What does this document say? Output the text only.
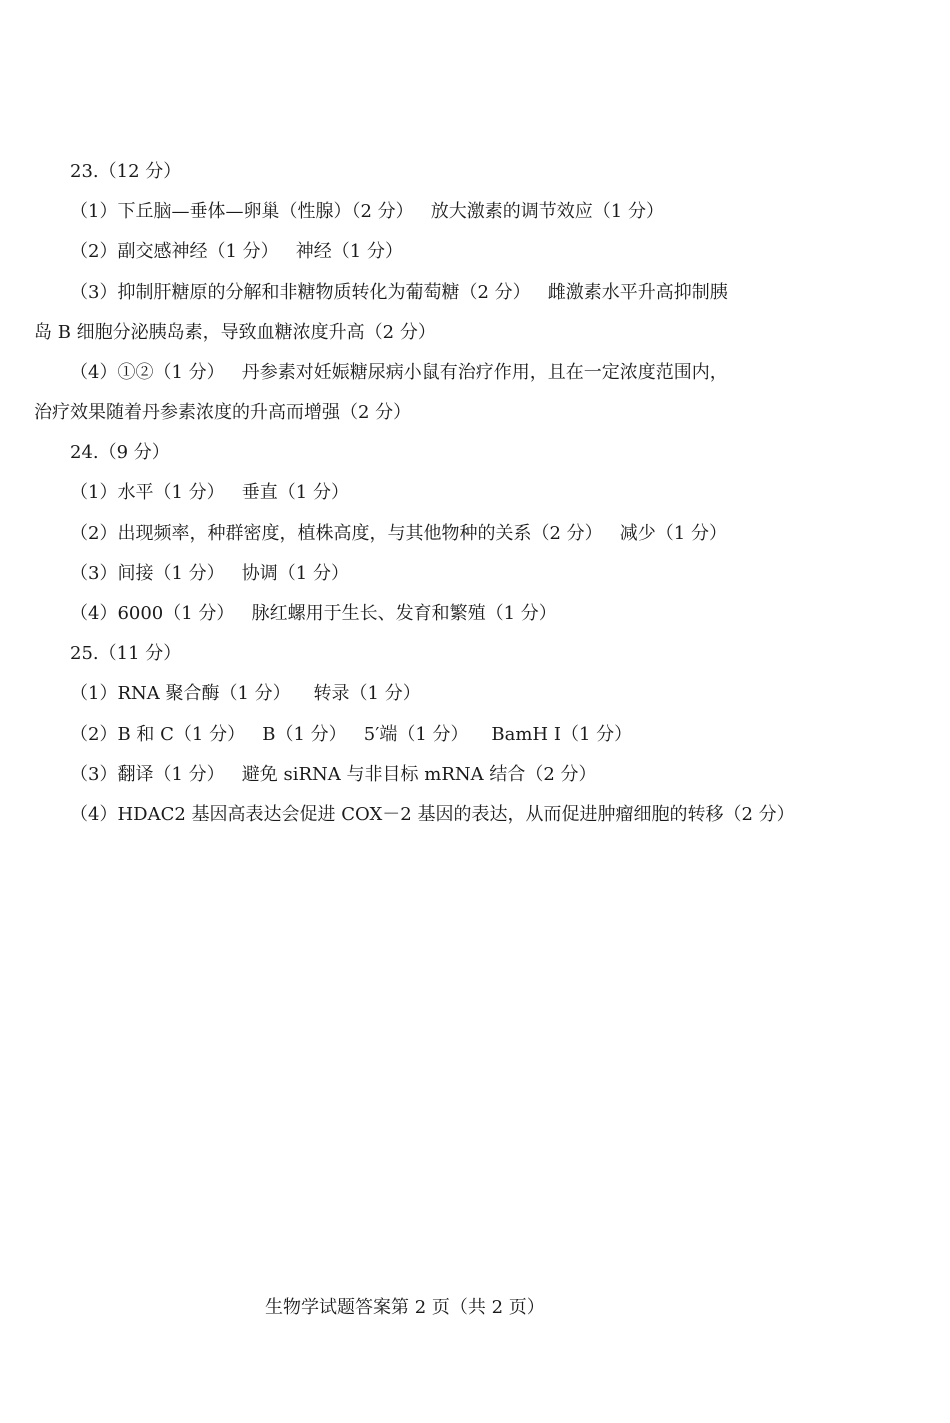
23.（12 分）
（1）下丘脑—垂体—卵巢（性腺）（2 分）   放大激素的调节效应（1 分）
（2）副交感神经（1 分）   神经（1 分）
（3）抑制肝糖原的分解和非糖物质转化为葡萄糖（2 分）   雌激素水平升高抑制胰
岛 B 细胞分泌胰岛素，导致血糖浓度升高（2 分）
（4）①②（1 分）   丹参素对妊娠糖尿病小鼠有治疗作用，且在一定浓度范围内，
治疗效果随着丹参素浓度的升高而增强（2 分）
24.（9 分）
（1）水平（1 分）   垂直（1 分）
（2）出现频率，种群密度，植株高度，与其他物种的关系（2 分）   减少（1 分）
（3）间接（1 分）   协调（1 分）
（4）6000（1 分）   脉红螺用于生长、发育和繁殖（1 分）
25.（11 分）
（1）RNA 聚合酶（1 分）    转录（1 分）
（2）B 和 C（1 分）   B（1 分）   5′端（1 分）    BamH Ⅰ（1 分）
（3）翻译（1 分）   避免 siRNA 与非目标 mRNA 结合（2 分）
（4）HDAC2 基因高表达会促进 COX－2 基因的表达，从而促进肿瘤细胞的转移（2 分）
生物学试题答案第 2 页（共 2 页）
